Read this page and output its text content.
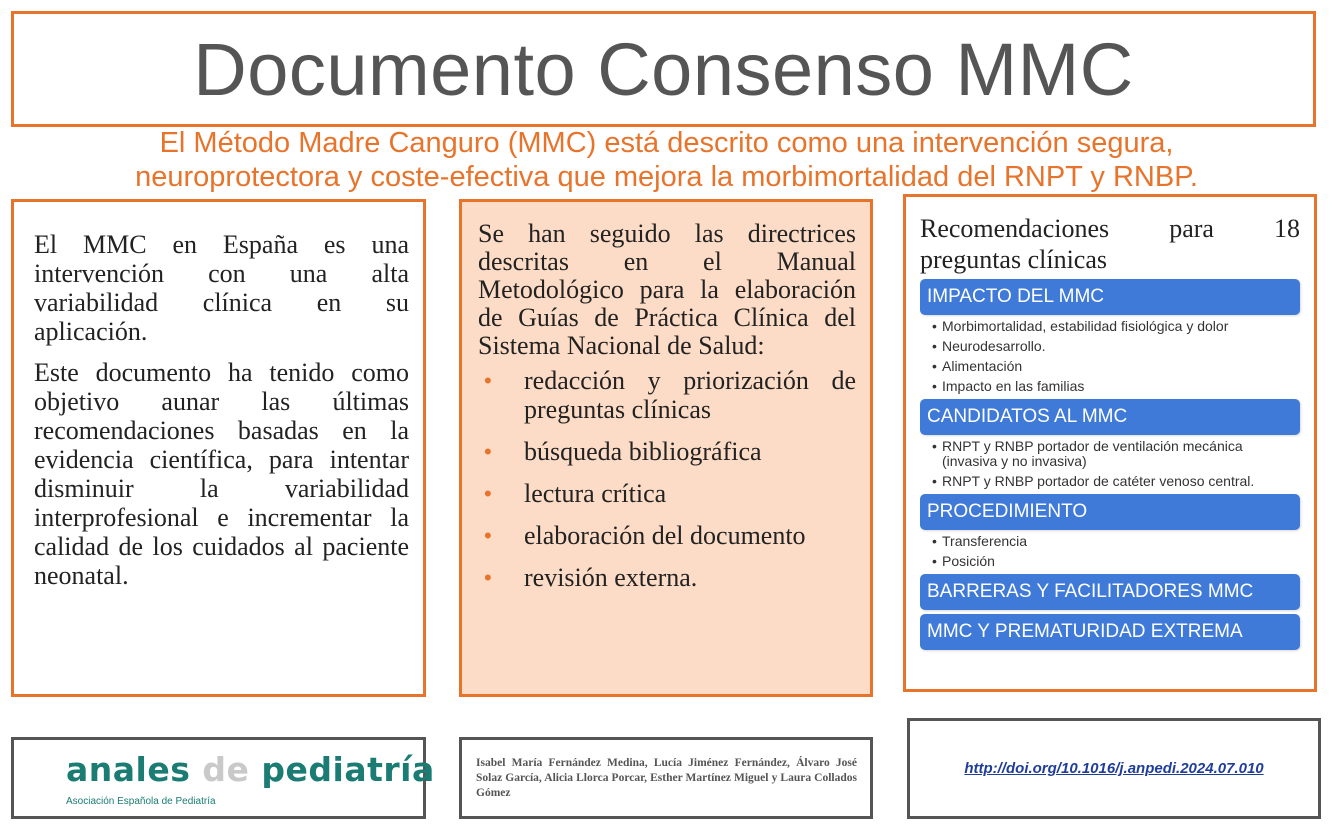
Documento Consenso MMC
El Método Madre Canguro (MMC) está descrito como una intervención segura,
neuroprotectora y coste-efectiva que mejora la morbimortalidad del RNPT y RNBP.

El MMC en España es una intervención con una alta variabilidad clínica en su aplicación.

Este documento ha tenido como objetivo aunar las últimas recomendaciones basadas en la evidencia científica, para intentar disminuir la variabilidad interprofesional e incrementar la calidad de los cuidados al paciente neonatal.

Se han seguido las directrices descritas en el Manual Metodológico para la elaboración de Guías de Práctica Clínica del Sistema Nacional de Salud:

• redacción y priorización de preguntas clínicas
• búsqueda bibliográfica
• lectura crítica
• elaboración del documento
• revisión externa.
Recomendaciones para 18
preguntas clínicas
IMPACTO DEL MMC
• Morbimortalidad, estabilidad fisiológica y dolor
• Neurodesarrollo.
• Alimentación
• Impacto en las familias
CANDIDATOS AL MMC
• RNPT y RNBP portador de ventilación mecánica (invasiva y no invasiva)
• RNPT y RNBP portador de catéter venoso central.
PROCEDIMIENTO
• Transferencia
• Posición
BARRERAS Y FACILITADORES MMC
MMC Y PREMATURIDAD EXTREMA
anales de pediatría
Asociación Española de Pediatría
Isabel María Fernández Medina, Lucía Jiménez Fernández, Álvaro José Solaz García, Alicia Llorca Porcar, Esther Martínez Miguel y Laura Collados Gómez
http://doi.org/10.1016/j.anpedi.2024.07.010
